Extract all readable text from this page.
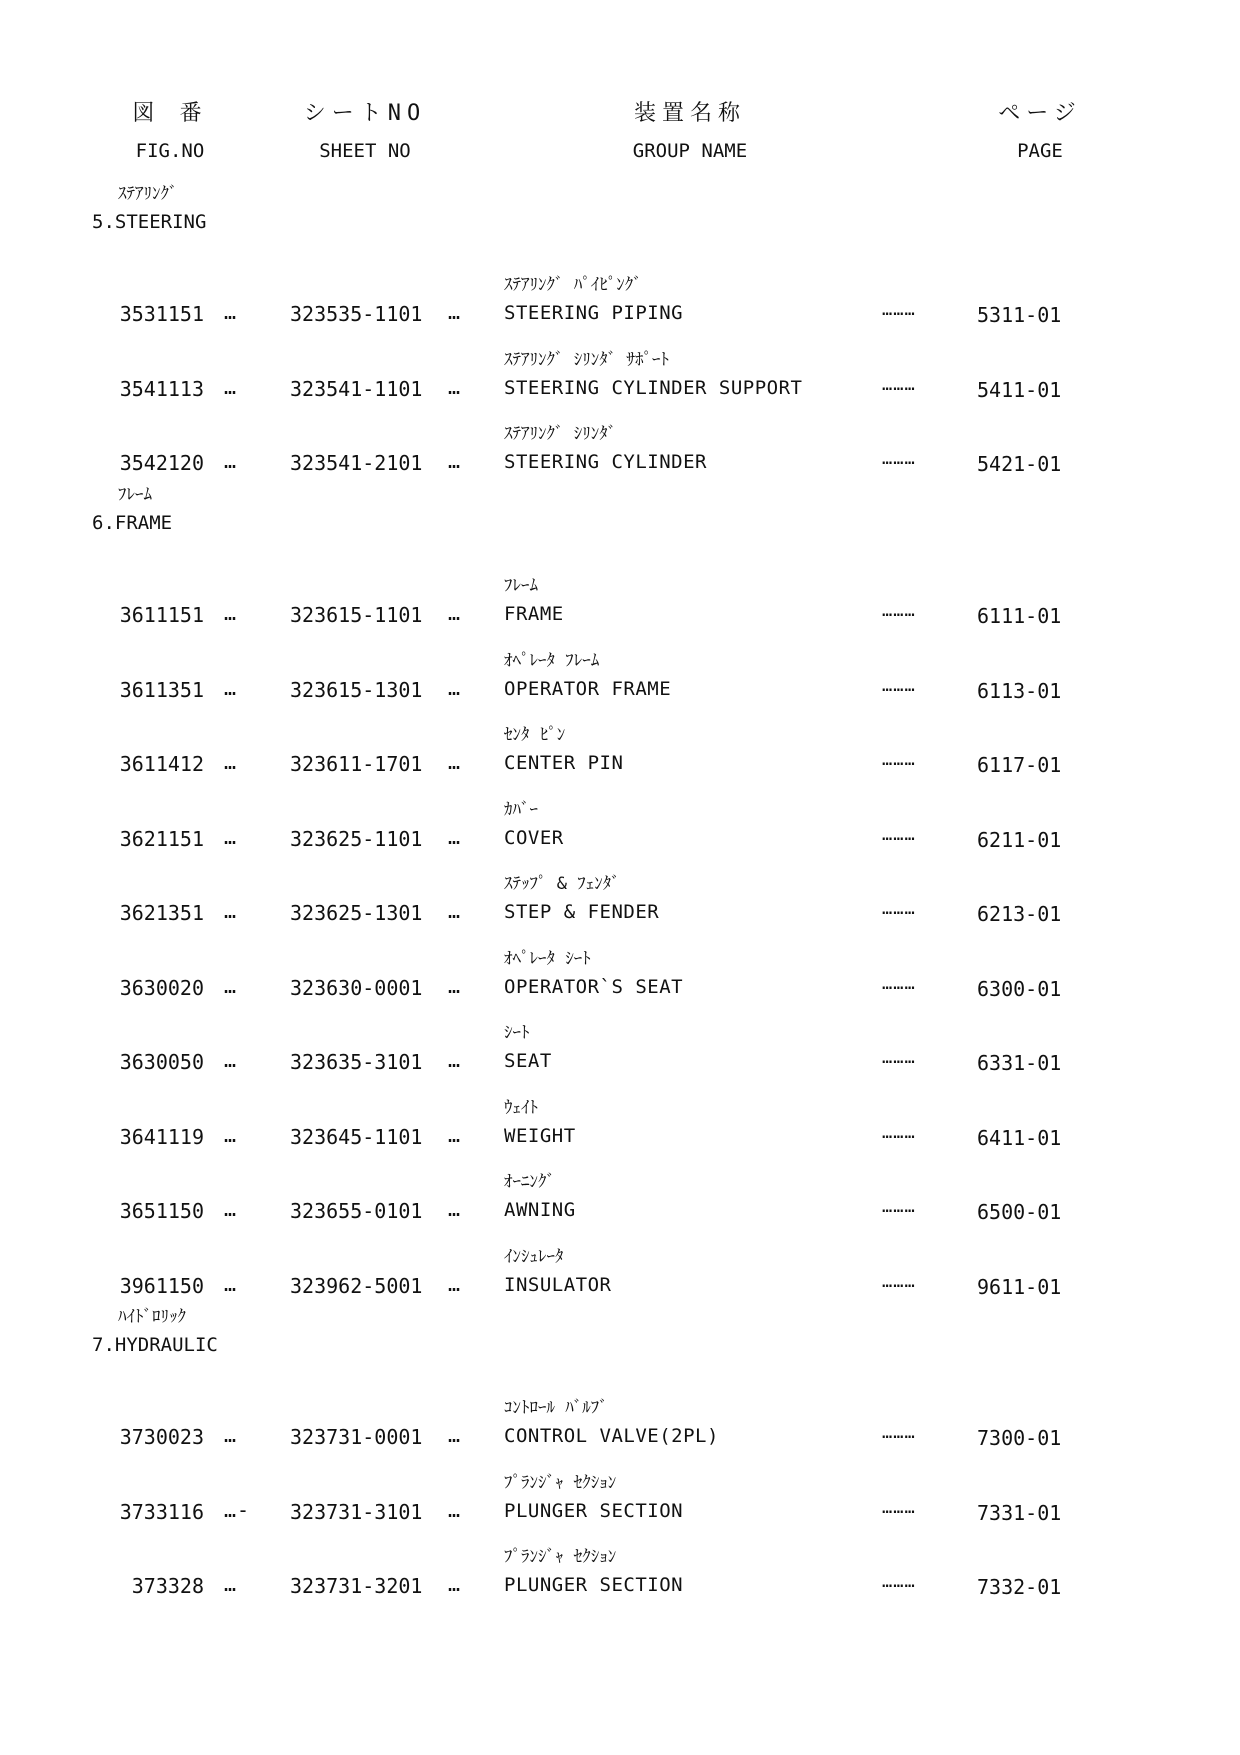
図 番
FIG.NO
シートNO
SHEET NO
装置名称
GROUP NAME
ページ
PAGE
ｽﾃｱﾘﾝｸﾞ
5.STEERING
3531151 …	323535-1101 …
ｽﾃｱﾘﾝｸﾞ ﾊﾟｲﾋﾟﾝｸﾞ
STEERING PIPING	………	5311-01
3541113 …	323541-1101 …
ｽﾃｱﾘﾝｸﾞ ｼﾘﾝﾀﾞ ｻﾎﾟｰﾄ
STEERING CYLINDER SUPPORT	………	5411-01
3542120 …	323541-2101 …
ｽﾃｱﾘﾝｸﾞ ｼﾘﾝﾀﾞ
STEERING CYLINDER	………	5421-01
ﾌﾚｰﾑ
6.FRAME
3611151 …	323615-1101 …
ﾌﾚｰﾑ
FRAME	………	6111-01
3611351 …	323615-1301 …
ｵﾍﾟﾚｰﾀ ﾌﾚｰﾑ
OPERATOR FRAME	………	6113-01
3611412 …	323611-1701 …
ｾﾝﾀ ﾋﾟﾝ
CENTER PIN	………	6117-01
3621151 …	323625-1101 …
ｶﾊﾞｰ
COVER	………	6211-01
3621351 …	323625-1301 …
ｽﾃｯﾌﾟ & ﾌｪﾝﾀﾞ
STEP & FENDER	………	6213-01
3630020 …	323630-0001 …
ｵﾍﾟﾚｰﾀ ｼｰﾄ
OPERATOR`S SEAT	………	6300-01
3630050 …	323635-3101 …
ｼｰﾄ
SEAT	………	6331-01
3641119 …	323645-1101 …
ｳｪｲﾄ
WEIGHT	………	6411-01
3651150 …	323655-0101 …
ｵｰﾆﾝｸﾞ
AWNING	………	6500-01
3961150 …	323962-5001 …
ｲﾝｼｭﾚｰﾀ
INSULATOR	………	9611-01
ﾊｲﾄﾞﾛﾘｯｸ
7.HYDRAULIC
3730023 …	323731-0001 …
ｺﾝﾄﾛｰﾙ ﾊﾞﾙﾌﾞ
CONTROL VALVE(2PL)	………	7300-01
3733116 …- 323731-3101 …
ﾌﾟﾗﾝｼﾞｬ ｾｸｼｮﾝ
PLUNGER SECTION	………	7331-01
373328 …	323731-3201 …
ﾌﾟﾗﾝｼﾞｬ ｾｸｼｮﾝ
PLUNGER SECTION	………	7332-01
